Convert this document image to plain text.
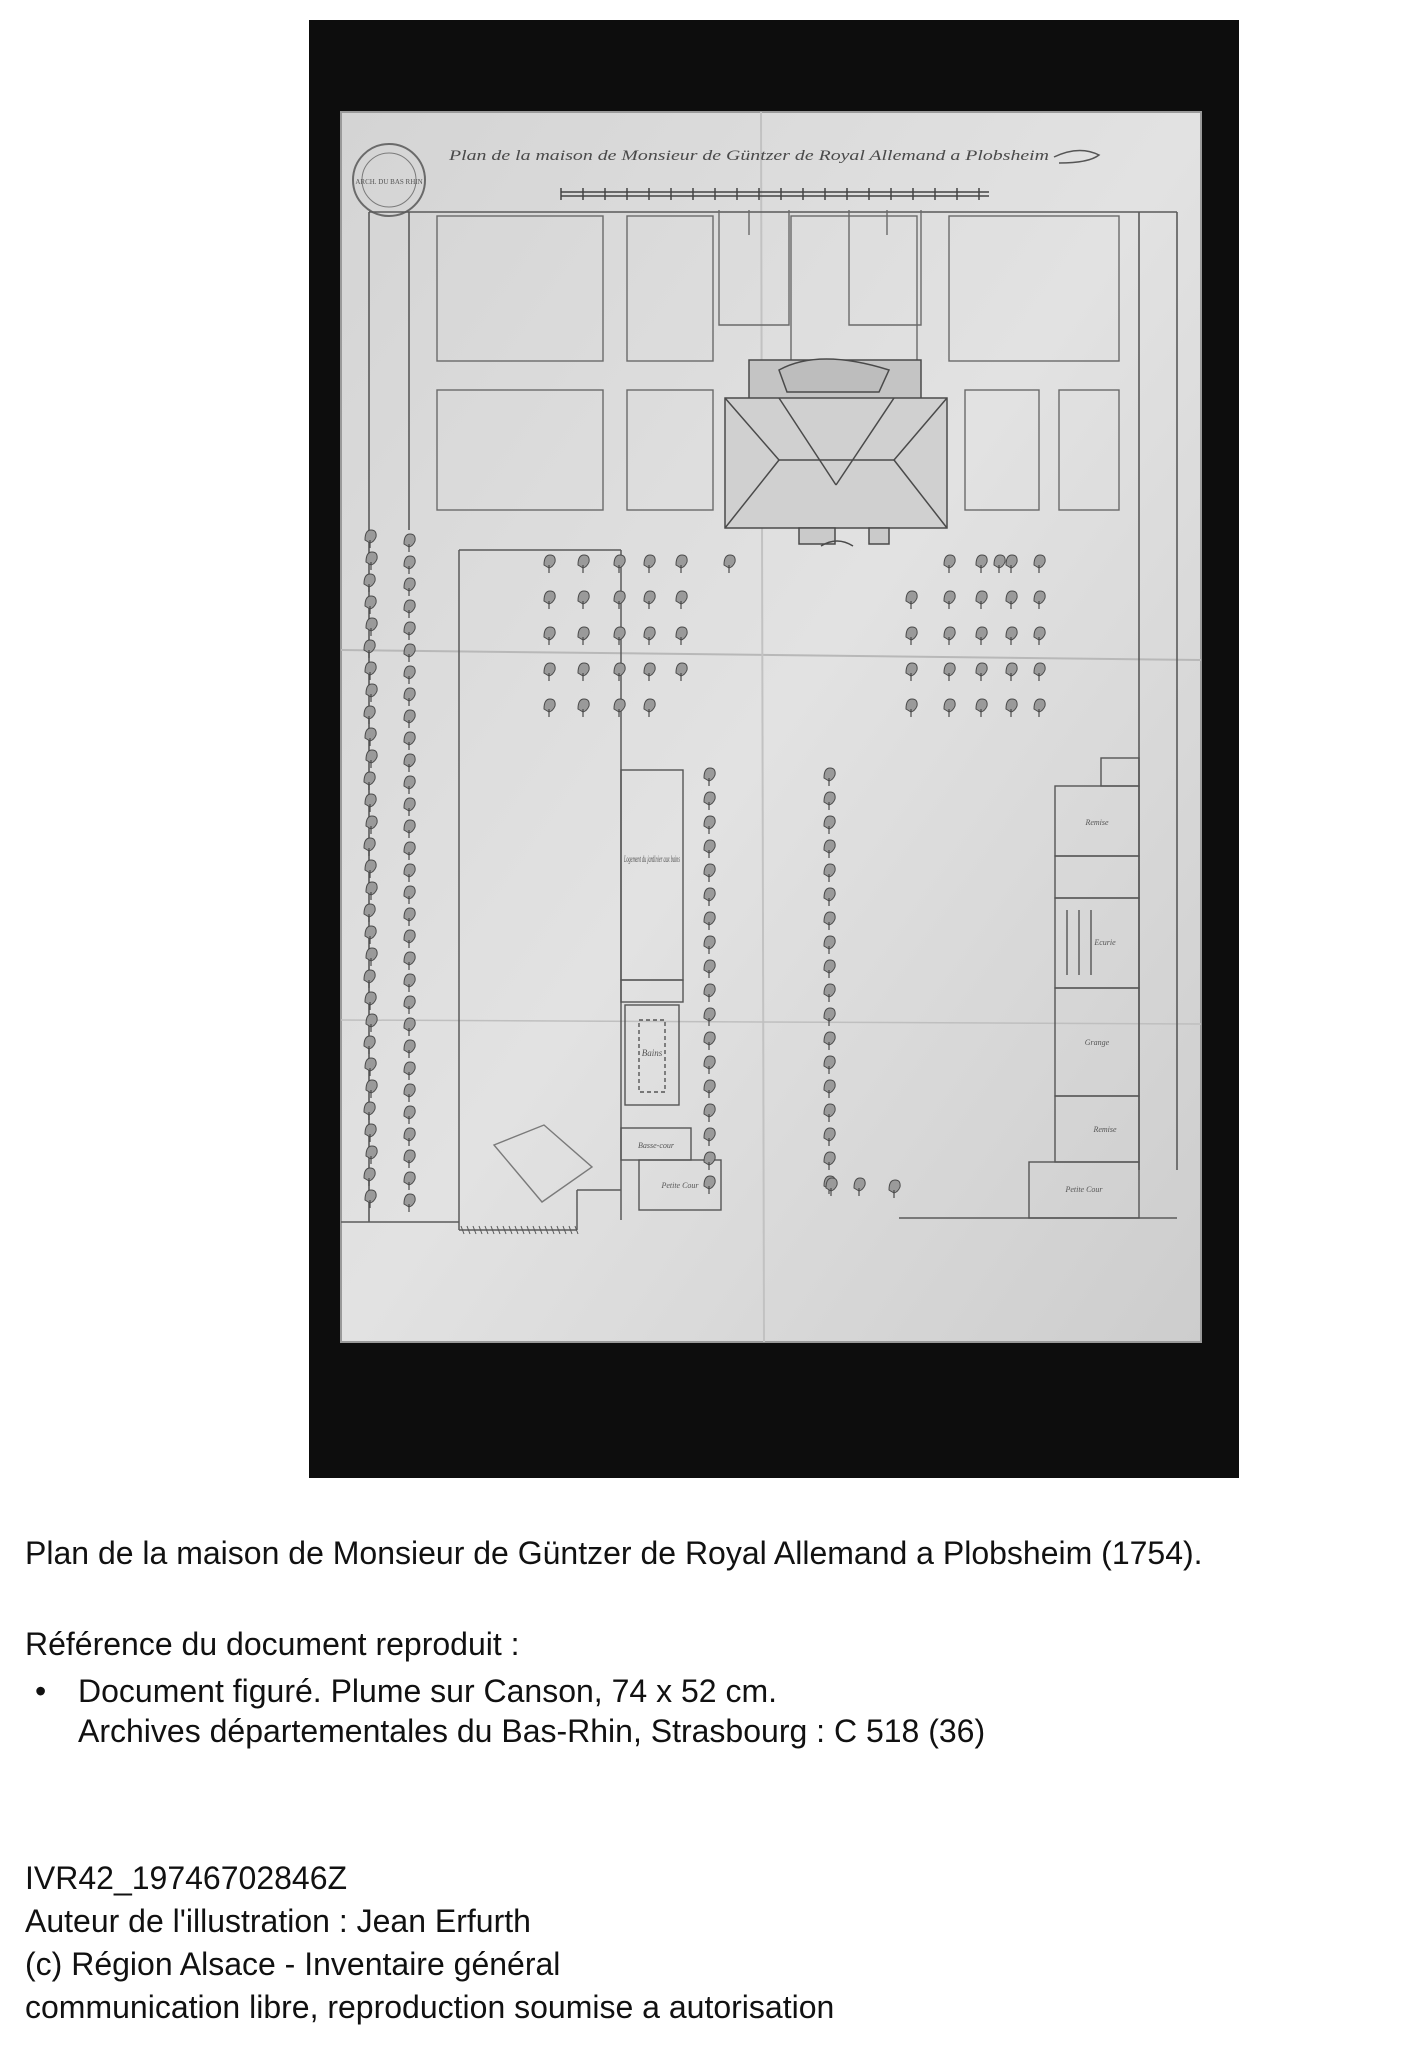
ARCH. DU BAS RHIN
Plan de la maison de Monsieur de Güntzer de Royal Allemand a Plobsheim
Logement du jardinier aux bains
Bains
Basse-cour
Petite Cour
Remise
Ecurie
Grange
Remise
Petite Cour
Plan de la maison de Monsieur de Güntzer de Royal Allemand a Plobsheim (1754).
Référence du document reproduit :
• Document figuré. Plume sur Canson, 74 x 52 cm.
Archives départementales du Bas-Rhin, Strasbourg : C 518 (36)
IVR42_19746702846Z
Auteur de l'illustration : Jean Erfurth
(c) Région Alsace - Inventaire général
communication libre, reproduction soumise a autorisation
